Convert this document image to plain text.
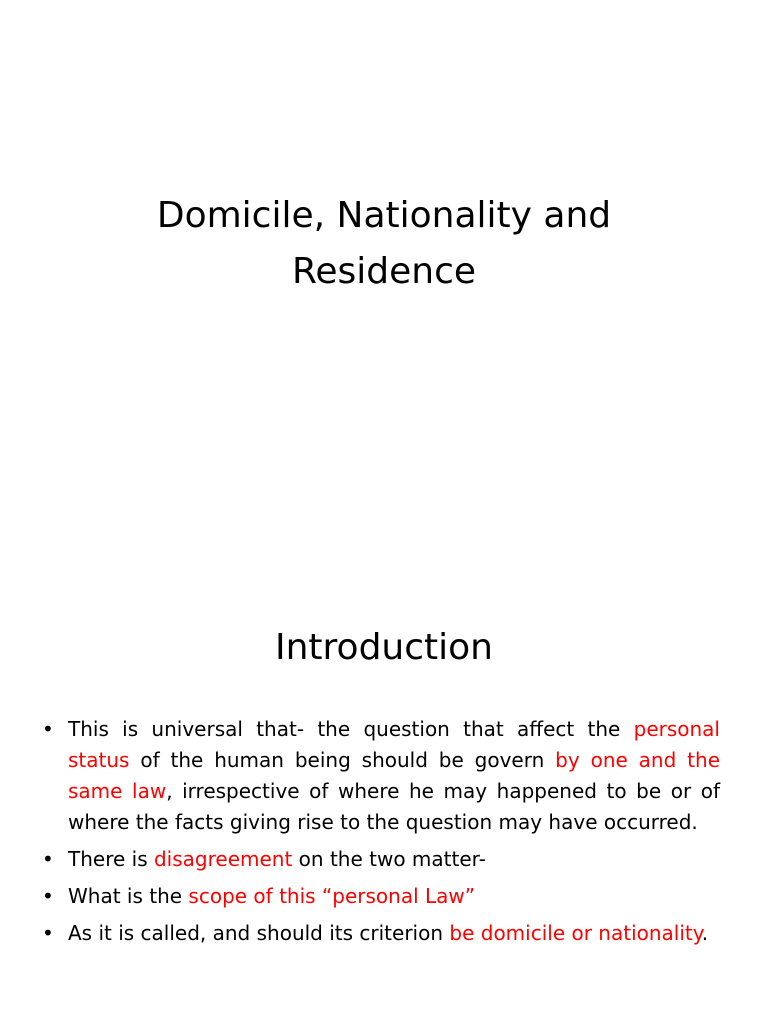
Domicile, Nationality and
Residence
Introduction
• This is universal that- the question that affect the personal status of the human being should be govern by one and the same law, irrespective of where he may happened to be or of where the facts giving rise to the question may have occurred.
• There is disagreement on the two matter-
• What is the scope of this “personal Law”
• As it is called, and should its criterion be domicile or nationality.
